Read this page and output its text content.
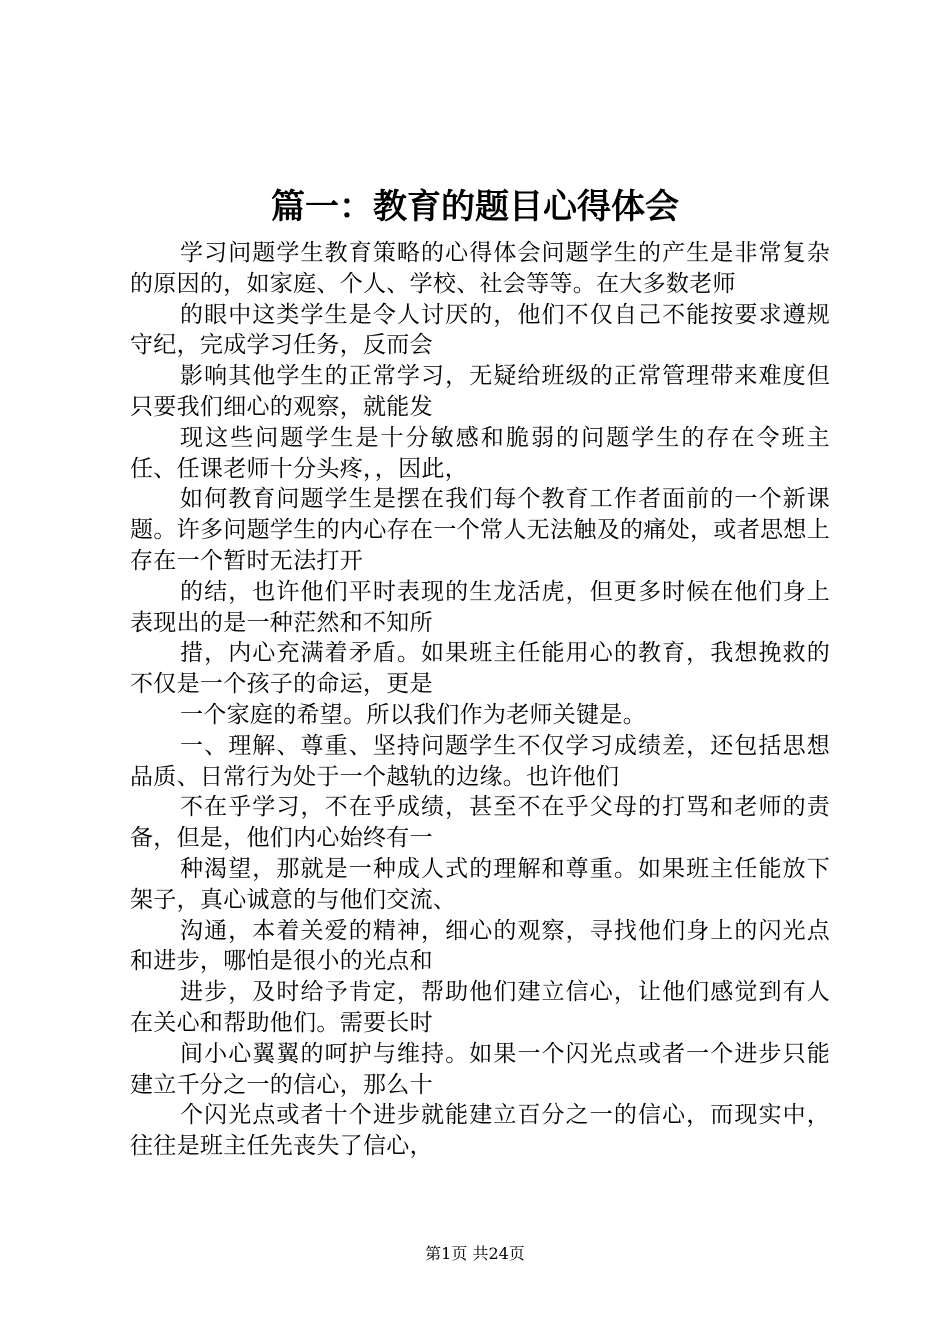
篇一：教育的题目心得体会

学习问题学生教育策略的心得体会问题学生的产生是非常复杂的原因的，如家庭、个人、学校、社会等等。在大多数老师

的眼中这类学生是令人讨厌的，他们不仅自己不能按要求遵规守纪，完成学习任务，反而会

影响其他学生的正常学习，无疑给班级的正常管理带来难度但只要我们细心的观察，就能发

现这些问题学生是十分敏感和脆弱的问题学生的存在令班主任、任课老师十分头疼，，因此，

如何教育问题学生是摆在我们每个教育工作者面前的一个新课题。许多问题学生的内心存在一个常人无法触及的痛处，或者思想上存在一个暂时无法打开

的结，也许他们平时表现的生龙活虎，但更多时候在他们身上表现出的是一种茫然和不知所

措，内心充满着矛盾。如果班主任能用心的教育，我想挽救的不仅是一个孩子的命运，更是

一个家庭的希望。所以我们作为老师关键是。

一、理解、尊重、坚持问题学生不仅学习成绩差，还包括思想品质、日常行为处于一个越轨的边缘。也许他们

不在乎学习，不在乎成绩，甚至不在乎父母的打骂和老师的责备，但是，他们内心始终有一

种渴望，那就是一种成人式的理解和尊重。如果班主任能放下架子，真心诚意的与他们交流、

沟通，本着关爱的精神，细心的观察，寻找他们身上的闪光点和进步，哪怕是很小的光点和

进步，及时给予肯定，帮助他们建立信心，让他们感觉到有人在关心和帮助他们。需要长时

间小心翼翼的呵护与维持。如果一个闪光点或者一个进步只能建立千分之一的信心，那么十

个闪光点或者十个进步就能建立百分之一的信心，而现实中，往往是班主任先丧失了信心，

第1页 共24页
